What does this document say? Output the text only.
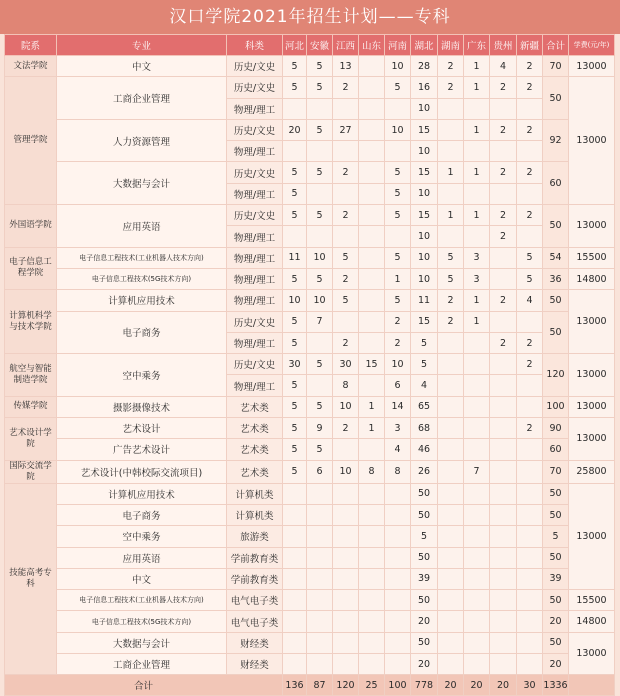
汉口学院2021年招生计划——专科
院系	专业	科类	河北	安徽	江西	山东	河南	湖北	湖南	广东	贵州	新疆	合计	学费(元/年)
文法学院	中文	历史/文史	5	5	13		10	28	2	1	4	2	70	13000
管理学院	工商企业管理	历史/文史	5	5	2		5	16	2	1	2	2	50	13000
		物理/理工						10						
	人力资源管理	历史/文史	20	5	27		10	15		1	2	2	92	
		物理/理工						10						
	大数据与会计	历史/文史	5	5	2		5	15	1	1	2	2	60	
		物理/理工	5				5	10						
外国语学院	应用英语	历史/文史	5	5	2		5	15	1	1	2	2	50	13000
		物理/理工						10			2			
电子信息工程学院	电子信息工程技术(工业机器人技术方向)	物理/理工	11	10	5		5	10	5	3		5	54	15500
	电子信息工程技术(5G技术方向)	物理/理工	5	5	2		1	10	5	3		5	36	14800
计算机科学与技术学院	计算机应用技术	物理/理工	10	10	5		5	11	2	1	2	4	50	13000
	电子商务	历史/文史	5	7			2	15	2	1			50	
		物理/理工	5		2		2	5			2	2		
航空与智能制造学院	空中乘务	历史/文史	30	5	30	15	10	5				2	120	13000
		物理/理工	5		8		6	4						
传媒学院	摄影摄像技术	艺术类	5	5	10	1	14	65					100	13000
艺术设计学院	艺术设计	艺术类	5	9	2	1	3	68				2	90	13000
	广告艺术设计	艺术类	5	5			4	46					60	
国际交流学院	艺术设计(中韩校际交流项目)	艺术类	5	6	10	8	8	26		7			70	25800
技能高考专科	计算机应用技术	计算机类						50					50	13000
	电子商务	计算机类						50					50	
	空中乘务	旅游类						5					5	
	应用英语	学前教育类						50					50	
	中文	学前教育类						39					39	
	电子信息工程技术(工业机器人技术方向)	电气电子类						50					50	15500
	电子信息工程技术(5G技术方向)	电气电子类						20					20	14800
	大数据与会计	财经类						50					50	13000
	工商企业管理	财经类						20					20	
合计			136	87	120	25	100	778	20	20	20	30	1336	
